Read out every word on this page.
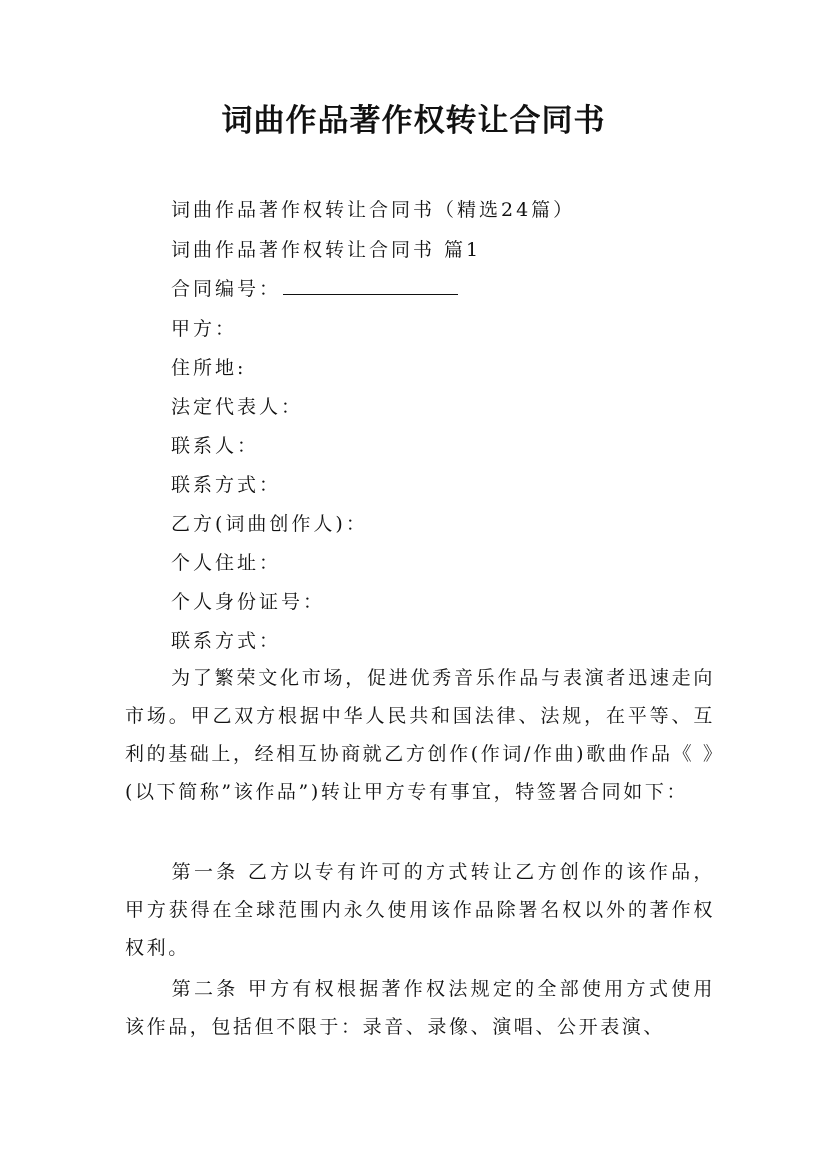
词曲作品著作权转让合同书
词曲作品著作权转让合同书（精选24篇）
词曲作品著作权转让合同书 篇1
合同编号：
甲方：
住所地:
法定代表人：
联系人：
联系方式：
乙方(词曲创作人)：
个人住址：
个人身份证号：
联系方式：
为了繁荣文化市场，促进优秀音乐作品与表演者迅速走向市场。甲乙双方根据中华人民共和国法律、法规，在平等、互利的基础上，经相互协商就乙方创作(作词/作曲)歌曲作品《 》(以下简称”该作品”)转让甲方专有事宜，特签署合同如下：
第一条 乙方以专有许可的方式转让乙方创作的该作品，甲方获得在全球范围内永久使用该作品除署名权以外的著作权权利。
第二条 甲方有权根据著作权法规定的全部使用方式使用该作品，包括但不限于：录音、录像、演唱、公开表演、
